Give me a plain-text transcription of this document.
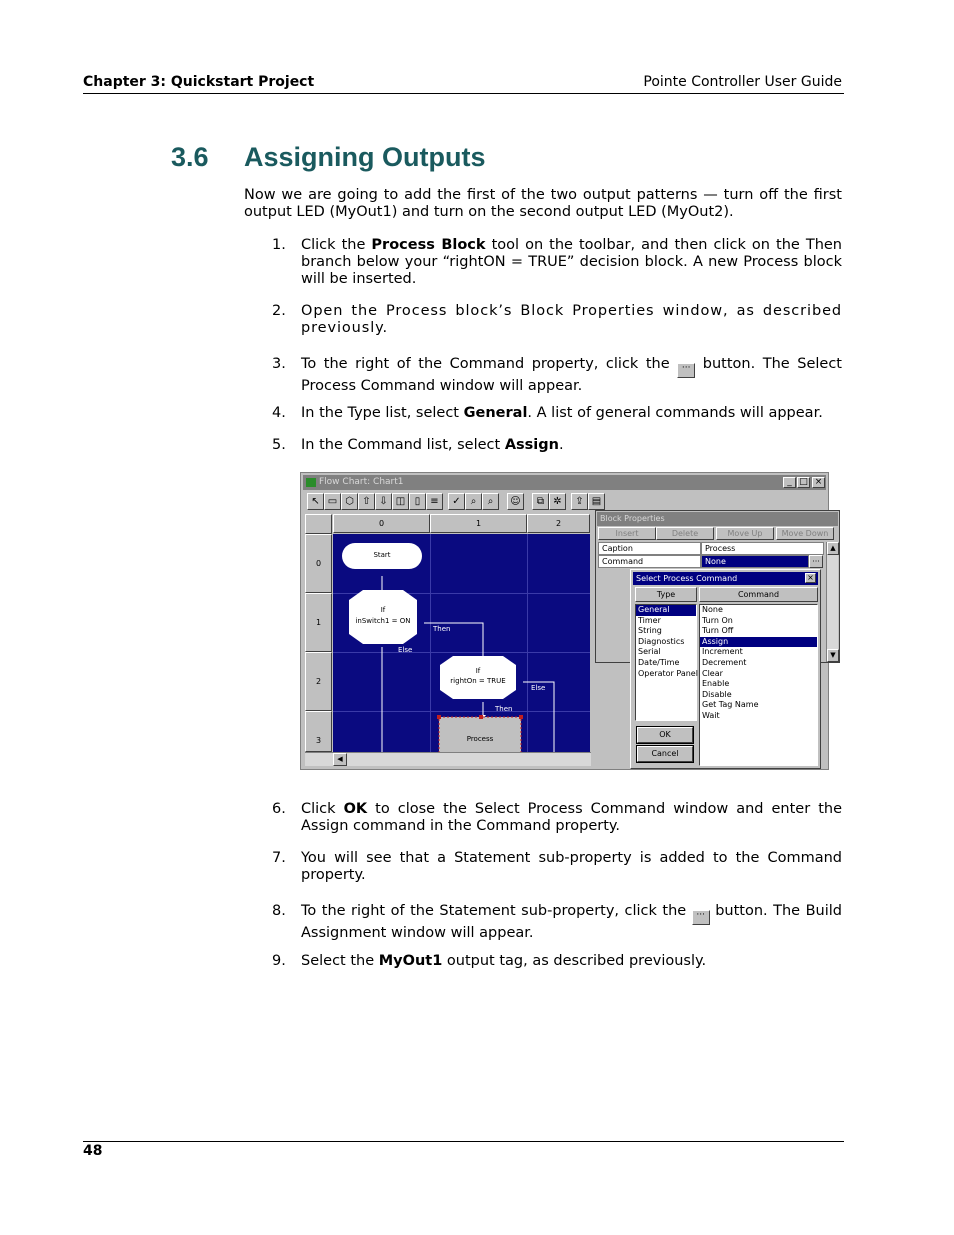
Chapter 3: Quickstart Project	Pointe Controller User Guide
3.6 Assigning Outputs
Now we are going to add the first of the two output patterns — turn off the first output LED (MyOut1) and turn on the second output LED (MyOut2).
1. Click the Process Block tool on the toolbar, and then click on the Then branch below your “rightON = TRUE” decision block. A new Process block will be inserted.
2. Open the Process block’s Block Properties window, as described previously.
3. To the right of the Command property, click the ··· button. The Select Process Command window will appear.
4. In the Type list, select General. A list of general commands will appear.
5. In the Command list, select Assign.
Flow Chart: Chart1	_ □ ×
↖ ▭ ⬡ ⇧ ⇩ ◫ ▯	≡	✓	⌕	⌕	☺	⧉ ✲	⇪ ▤
0	1	2
0
1
2
3
Start
If
inSwitch1 = ON
If
rightOn = TRUE
Process
Then
Else
Else
Then
◀
Block Properties
Insert	Delete	Move Up	Move Down
Caption	Process
Command	None	···
▲
▼
Select Process Command	×
Type	Command
General
Timer
String
Diagnostics
Serial
Date/Time
Operator Panel
None
Turn On
Turn Off
Assign
Increment
Decrement
Clear
Enable
Disable
Get Tag Name
Wait
OK
Cancel
6. Click OK to close the Select Process Command window and enter the Assign command in the Command property.
7. You will see that a Statement sub-property is added to the Command property.
8. To the right of the Statement sub-property, click the ··· button. The Build Assignment window will appear.
9. Select the MyOut1 output tag, as described previously.
48
